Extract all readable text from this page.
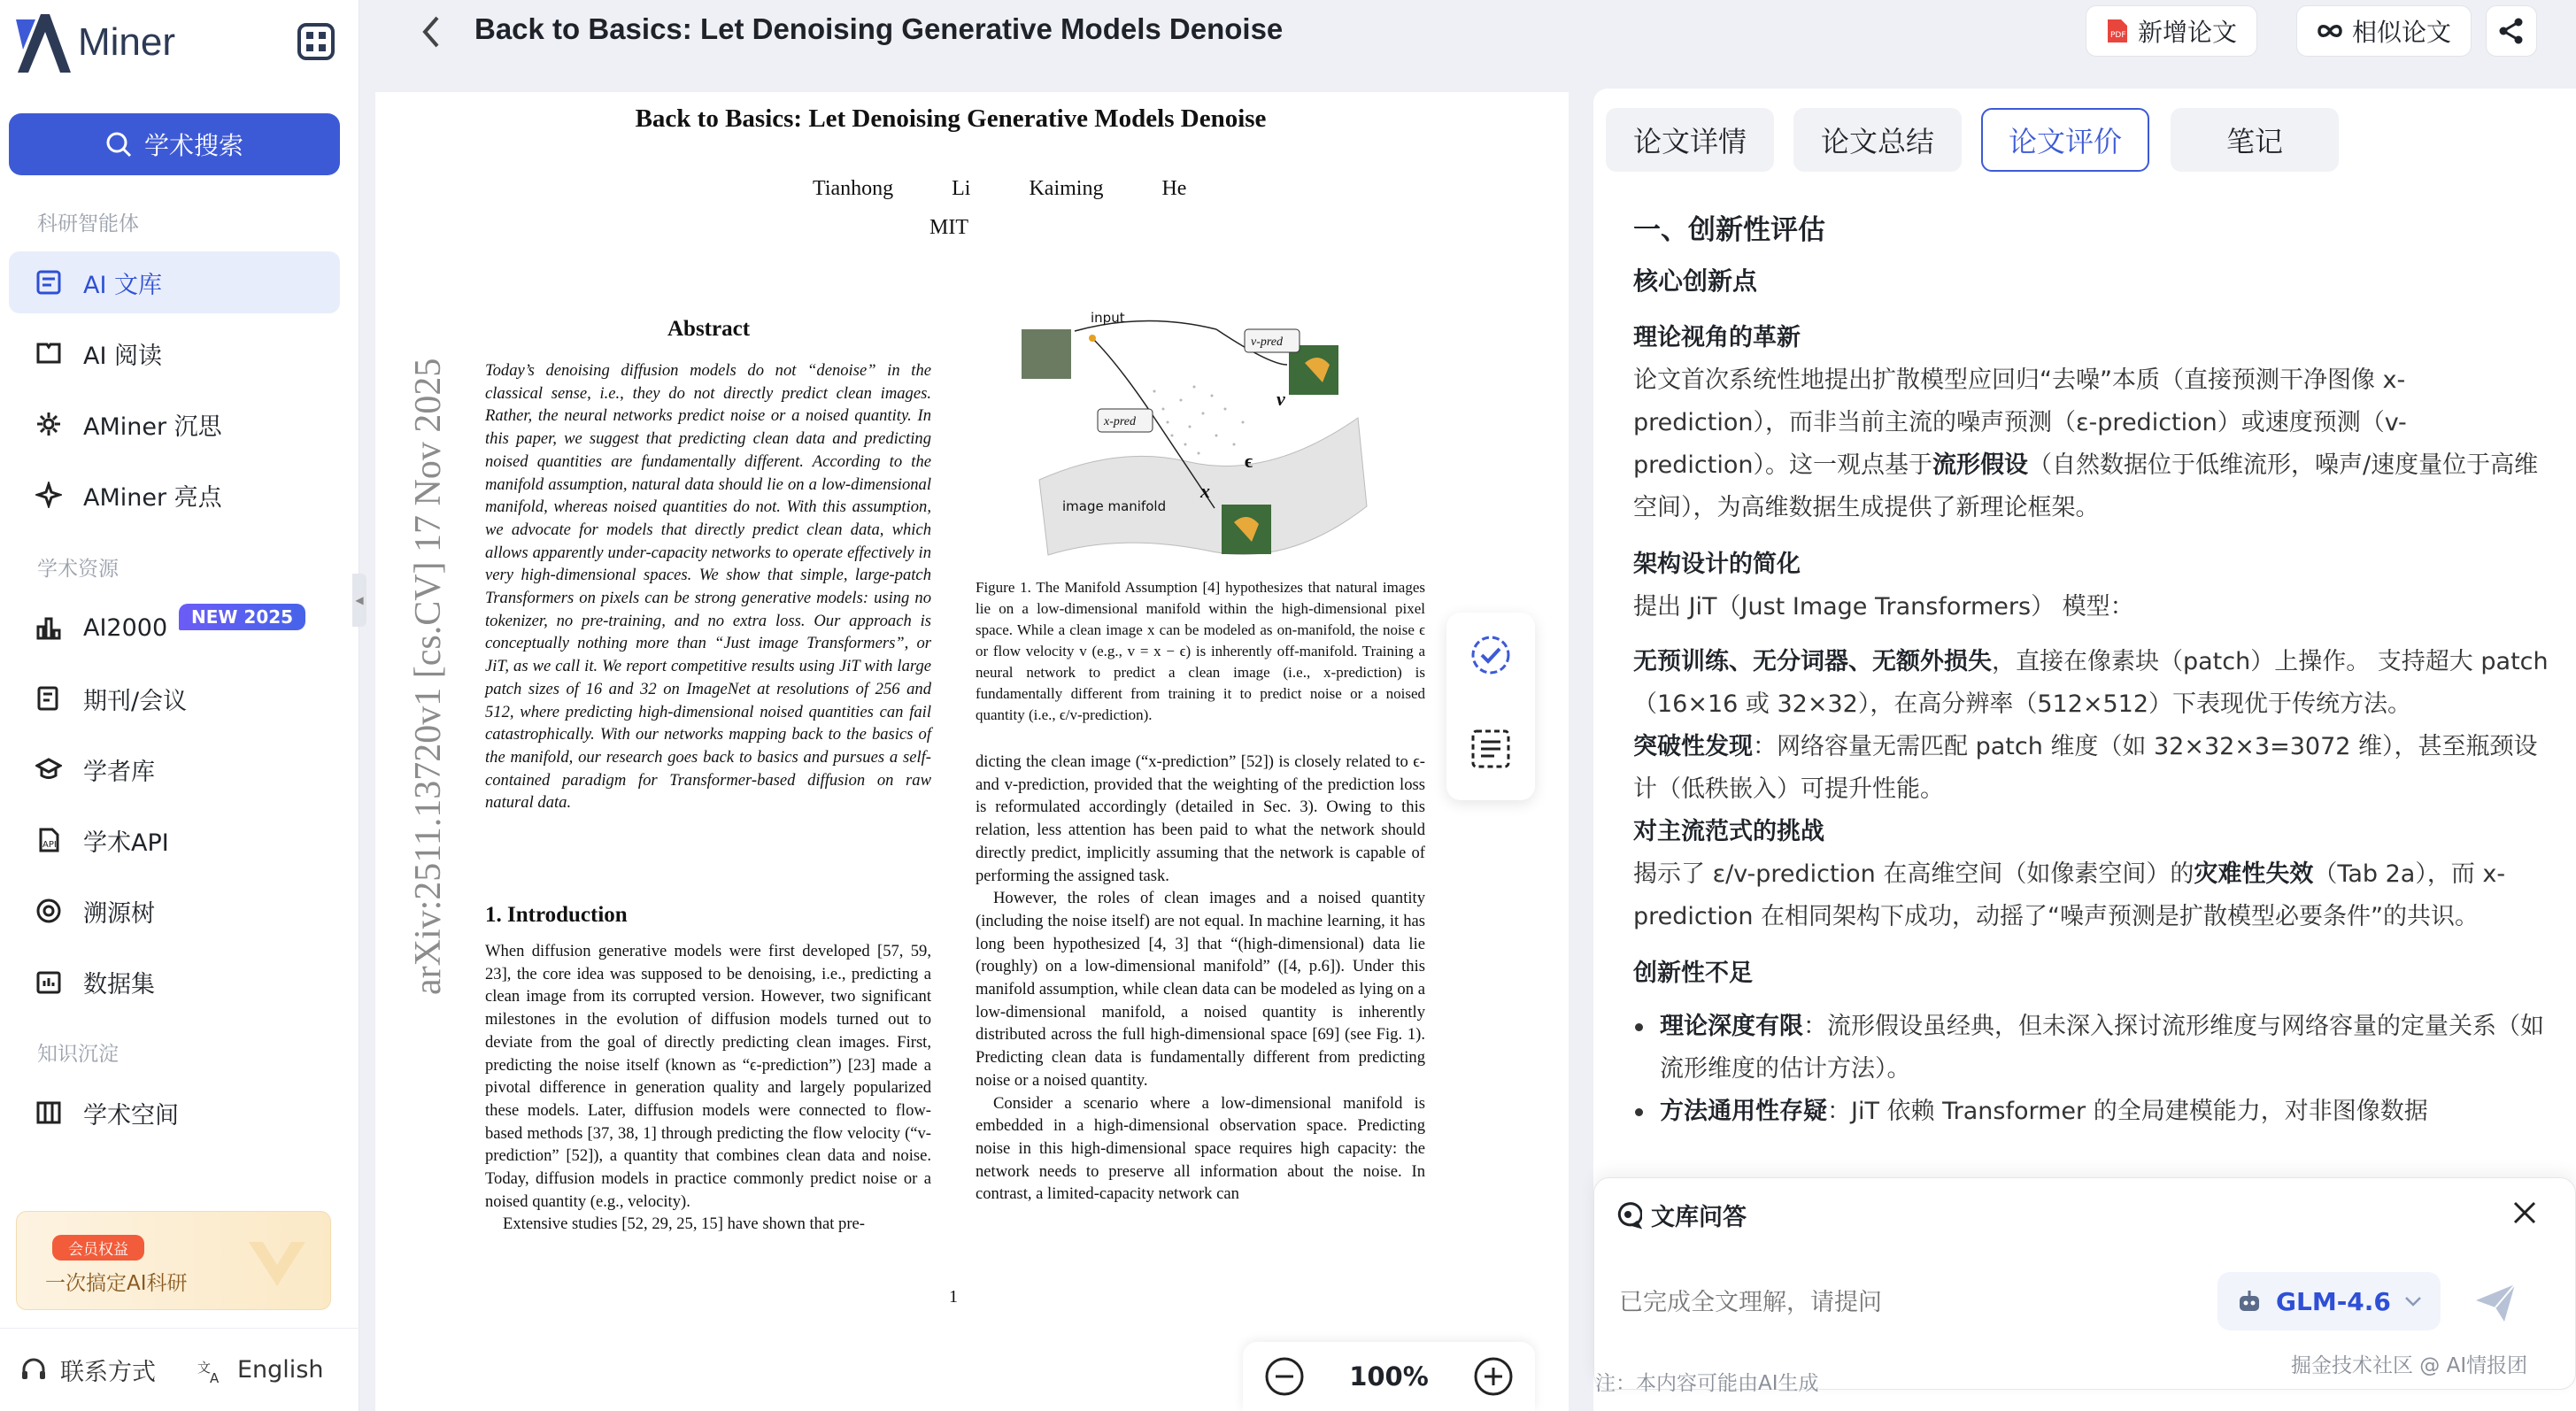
Miner
学术搜索
科研智能体
AI 文库
AI 阅读
AMiner 沉思
AMiner 亮点
学术资源
AI2000	NEW 2025
期刊/会议
学者库
API 学术API
溯源树
数据集
知识沉淀
学术空间
会员权益
一次搞定AI科研
联系方式	文
A English
◀
Back to Basics: Let Denoising Generative Models Denoise	PDF 新增论文	相似论文
Back to Basics: Let Denoising Generative Models Denoise
Tianhong Li Kaiming He
MIT
arXiv:2511.13720v1 [cs.CV] 17 Nov 2025
Abstract

Today’s denoising diffusion models do not “denoise” in the classical sense, i.e., they do not directly predict clean images. Rather, the neural networks predict noise or a noised quantity. In this paper, we suggest that predicting clean data and predicting noised quantities are fundamentally different. According to the manifold assumption, natural data should lie on a low-dimensional manifold, whereas noised quantities do not. With this assumption, we advocate for models that directly predict clean data, which allows apparently under-capacity networks to operate effectively in very high-dimensional spaces. We show that simple, large-patch Transformers on pixels can be strong generative models: using no tokenizer, no pre-training, and no extra loss. Our approach is conceptually nothing more than “Just image Transformers”, or JiT, as we call it. We report competitive results using JiT with large patch sizes of 16 and 32 on ImageNet at resolutions of 256 and 512, where predicting high-dimensional noised quantities can fail catastrophically. With our networks mapping back to the basics of the manifold, our research goes back to basics and pursues a self-contained paradigm for Transformer-based diffusion on raw natural data.

1. Introduction

When diffusion generative models were first developed [57, 59, 23], the core idea was supposed to be denoising, i.e., predicting a clean image from its corrupted version. However, two significant milestones in the evolution of diffusion models turned out to deviate from the goal of directly predicting clean images. First, predicting the noise itself (known as “ϵ-prediction”) [23] made a pivotal difference in generation quality and largely popularized these models. Later, diffusion models were connected to flow-based methods [37, 38, 1] through predicting the flow velocity (“v-prediction” [52]), a quantity that combines clean data and noise. Today, diffusion models in practice commonly predict noise or a noised quantity (e.g., velocity).

Extensive studies [52, 29, 25, 15] have shown that pre-

input
v-pred
x-pred
image manifold
v
ϵ
x

Figure 1. The Manifold Assumption [4] hypothesizes that natural images lie on a low-dimensional manifold within the high-dimensional pixel space. While a clean image x can be modeled as on-manifold, the noise ϵ or flow velocity v (e.g., v = x − ϵ) is inherently off-manifold. Training a neural network to predict a clean image (i.e., x-prediction) is fundamentally different from training it to predict noise or a noised quantity (i.e., ϵ/v-prediction).

dicting the clean image (“x-prediction” [52]) is closely related to ϵ- and v-prediction, provided that the weighting of the prediction loss is reformulated accordingly (detailed in Sec. 3). Owing to this relation, less attention has been paid to what the network should directly predict, implicitly assuming that the network is capable of performing the assigned task.

However, the roles of clean images and a noised quantity (including the noise itself) are not equal. In machine learning, it has long been hypothesized [4, 3] that “(high-dimensional) data lie (roughly) on a low-dimensional manifold” ([4, p.6]). Under this manifold assumption, while clean data can be modeled as lying on a low-dimensional manifold, a noised quantity is inherently distributed across the full high-dimensional space [69] (see Fig. 1). Predicting clean data is fundamentally different from predicting noise or a noised quantity.

Consider a scenario where a low-dimensional manifold is embedded in a high-dimensional observation space. Predicting noise in this high-dimensional space requires high capacity: the network needs to preserve all information about the noise. In contrast, a limited-capacity network can

1
100%
论文详情	论文总结	论文评价	笔记
一、创新性评估
核心创新点
理论视角的革新
论文首次系统性地提出扩散模型应回归“去噪”本质（直接预测干净图像 x-prediction），而非当前主流的噪声预测（ε-prediction）或速度预测（v-prediction）。这一观点基于流形假设（自然数据位于低维流形，噪声/速度量位于高维空间），为高维数据生成提供了新理论框架。
架构设计的简化
提出 JiT（Just Image Transformers） 模型：
无预训练、无分词器、无额外损失，直接在像素块（patch）上操作。 支持超大 patch（16×16 或 32×32），在高分辨率（512×512）下表现优于传统方法。
突破性发现：网络容量无需匹配 patch 维度（如 32×32×3=3072 维），甚至瓶颈设计（低秩嵌入）可提升性能。
对主流范式的挑战
揭示了 ε/v-prediction 在高维空间（如像素空间）的灾难性失效（Tab 2a），而 x-prediction 在相同架构下成功，动摇了“噪声预测是扩散模型必要条件”的共识。
创新性不足
理论深度有限：流形假设虽经典，但未深入探讨流形维度与网络容量的定量关系（如流形维度的估计方法）。
方法通用性存疑：JiT 依赖 Transformer 的全局建模能力，对非图像数据
文库问答
已完成全文理解，请提问
GLM-4.6
注：本内容可能由AI生成
掘金技术社区 @ AI情报团
